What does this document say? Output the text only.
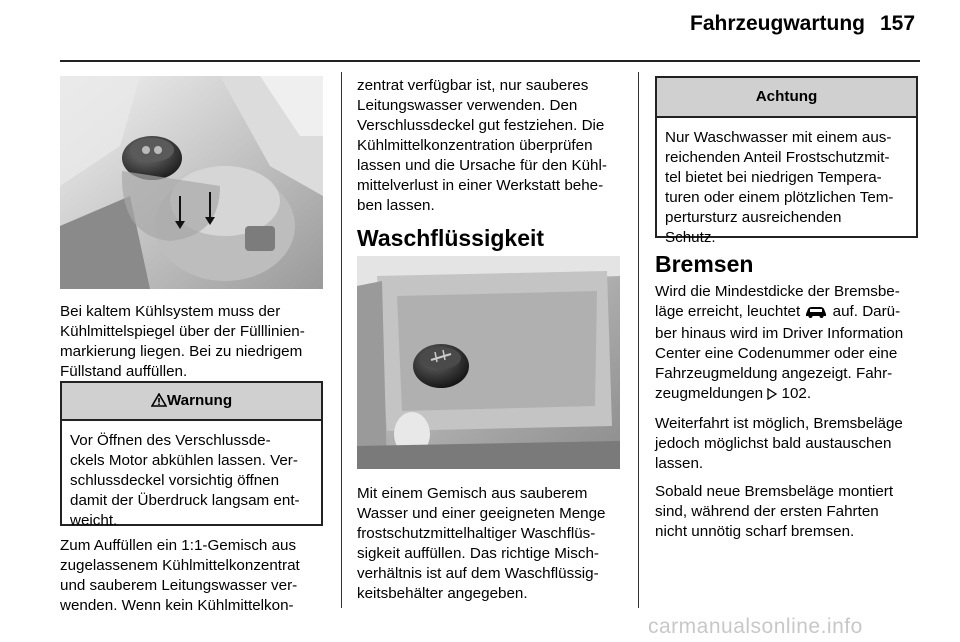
Fahrzeugwartung 157

Bei kaltem Kühlsystem muss der
Kühlmittelspiegel über der Fülllinien-
markierung liegen. Bei zu niedrigem
Füllstand auffüllen.

Warnung
Vor Öffnen des Verschlussde-
ckels Motor abkühlen lassen. Ver-
schlussdeckel vorsichtig öffnen
damit der Überdruck langsam ent-
weicht.

Zum Auffüllen ein 1:1-Gemisch aus
zugelassenem Kühlmittelkonzentrat
und sauberem Leitungswasser ver-
wenden. Wenn kein Kühlmittelkon-

zentrat verfügbar ist, nur sauberes
Leitungswasser verwenden. Den
Verschlussdeckel gut festziehen. Die
Kühlmittelkonzentration überprüfen
lassen und die Ursache für den Kühl-
mittelverlust in einer Werkstatt behe-
ben lassen.

Waschflüssigkeit

Mit einem Gemisch aus sauberem
Wasser und einer geeigneten Menge
frostschutzmittelhaltiger Waschflüs-
sigkeit auffüllen. Das richtige Misch-
verhältnis ist auf dem Waschflüssig-
keitsbehälter angegeben.

Achtung
Nur Waschwasser mit einem aus-
reichenden Anteil Frostschutzmit-
tel bietet bei niedrigen Tempera-
turen oder einem plötzlichen Tem-
pertursturz ausreichenden
Schutz.
Bremsen

Wird die Mindestdicke der Bremsbe-
läge erreicht, leuchtet  auf. Darü-
ber hinaus wird im Driver Information
Center eine Codenummer oder eine
Fahrzeugmeldung angezeigt. Fahr-
zeugmeldungen  102.

Weiterfahrt ist möglich, Bremsbeläge
jedoch möglichst bald austauschen
lassen.

Sobald neue Bremsbeläge montiert
sind, während der ersten Fahrten
nicht unnötig scharf bremsen.

carmanualsonline.info
